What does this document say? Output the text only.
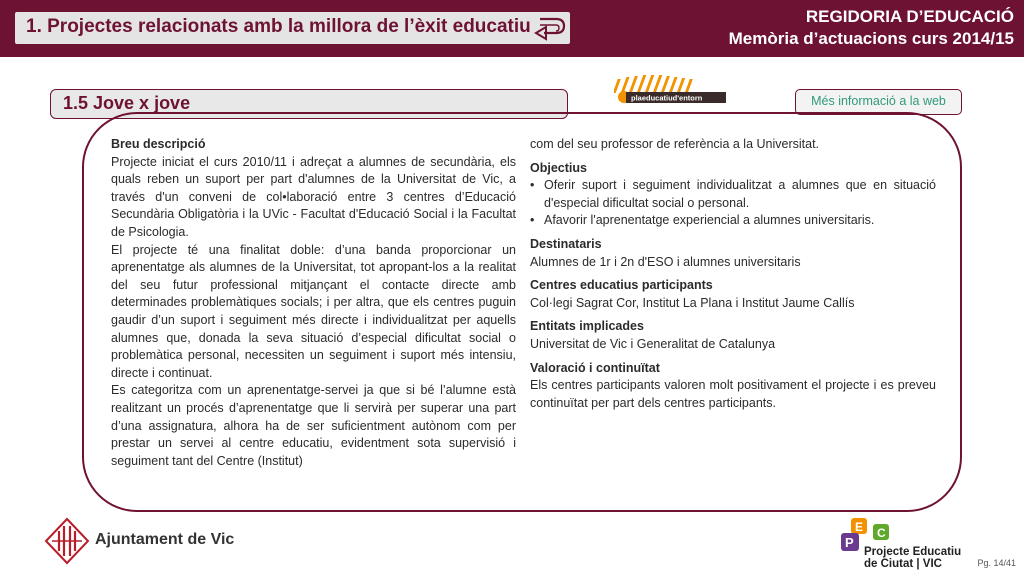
1. Projectes relacionats amb la millora de l’èxit educatiu	REGIDORIA D’EDUCACIÓ
Memòria d’actuacions curs 2014/15
1.5 Jove x jove	plaeducatiud'entorn	Més informació a la web
Breu descripció
Projecte iniciat el curs 2010/11 i adreçat a alumnes de secundària, els quals reben un suport per part d'alumnes de la Universitat de Vic, a través d'un conveni de col•laboració entre 3 centres d’Educació Secundària Obligatòria i la UVic - Facultat d'Educació Social i la Facultat de Psicologia.
El projecte té una finalitat doble: d’una banda proporcionar un aprenentatge als alumnes de la Universitat, tot apropant-los a la realitat del seu futur professional mitjançant el contacte directe amb determinades problemàtiques socials; i per altra, que els centres puguin gaudir d’un suport i seguiment més directe i individualitzat per aquells alumnes que, donada la seva situació d’especial dificultat social o problemàtica personal, necessiten un seguiment i suport més intensiu, directe i continuat.
Es categoritza com un aprenentatge-servei ja que si bé l’alumne està realitzant un procés d’aprenentatge que li servirà per superar una part d’una assignatura, alhora ha de ser suficientment autònom com per prestar un servei al centre educatiu, evidentment sota supervisió i seguiment tant del Centre (Institut)
com del seu professor de referència a la Universitat.
Objectius
• Oferir suport i seguiment individualitzat a alumnes que en situació d'especial dificultat social o personal.
• Afavorir l'aprenentatge experiencial a alumnes universitaris.
Destinataris
Alumnes de 1r i 2n d'ESO i alumnes universitaris
Centres educatius participants
Col·legi Sagrat Cor, Institut La Plana i Institut Jaume Callís
Entitats implicades
Universitat de Vic i Generalitat de Catalunya
Valoració i continuïtat
Els centres participants valoren molt positivament el projecte i es preveu continuïtat per part dels centres participants.
Ajuntament de Vic
E C
P
Projecte Educatiu
de Ciutat | VIC	Pg. 14/41
